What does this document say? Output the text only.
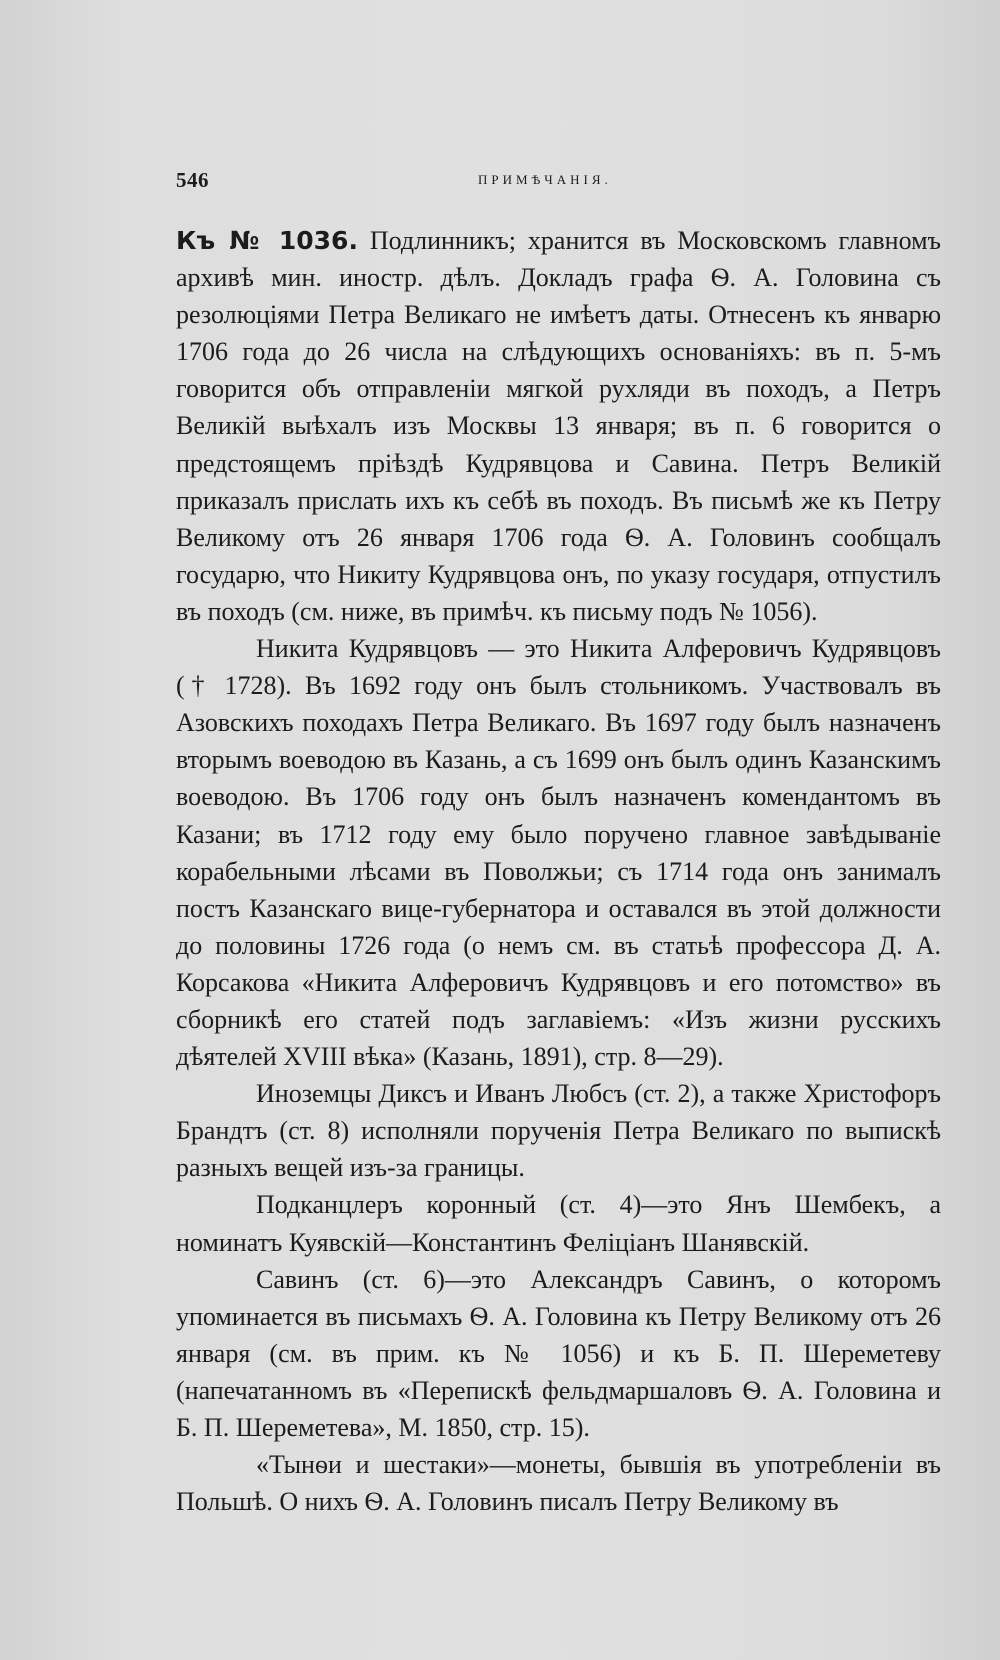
546	ПРИМѢЧАНІЯ.

Къ № 1036. Подлинникъ; хранится въ Московскомъ главномъ архивѣ мин. иностр. дѣлъ. Докладъ графа Ѳ. А. Головина съ резолюціями Петра Великаго не имѣетъ даты. Отнесенъ къ январю 1706 года до 26 числа на слѣдующихъ основаніяхъ: въ п. 5-мъ говорится объ отправленіи мягкой рухляди въ походъ, а Петръ Великій выѣхалъ изъ Москвы 13 января; въ п. 6 говорится о предстоящемъ пріѣздѣ Кудрявцова и Савина. Петръ Великій приказалъ прислать ихъ къ себѣ въ походъ. Въ письмѣ же къ Петру Великому отъ 26 января 1706 года Ѳ. А. Головинъ сообщалъ государю, что Никиту Кудрявцова онъ, по указу государя, отпустилъ въ походъ (см. ниже, въ примѣч. къ письму подъ № 1056).

Никита Кудрявцовъ — это Никита Алферовичъ Кудрявцовъ († 1728). Въ 1692 году онъ былъ стольникомъ. Участвовалъ въ Азовскихъ походахъ Петра Великаго. Въ 1697 году былъ назначенъ вторымъ воеводою въ Казань, а съ 1699 онъ былъ одинъ Казанскимъ воеводою. Въ 1706 году онъ былъ назначенъ комендантомъ въ Казани; въ 1712 году ему было поручено главное завѣдываніе корабельными лѣсами въ Поволжьи; съ 1714 года онъ занималъ постъ Казанскаго вице-губернатора и оставался въ этой должности до половины 1726 года (о немъ см. въ статьѣ профессора Д. А. Корсакова «Никита Алферовичъ Кудрявцовъ и его потомство» въ сборникѣ его статей подъ заглавіемъ: «Изъ жизни русскихъ дѣятелей XVIII вѣка» (Казань, 1891), стр. 8—29).

Иноземцы Диксъ и Иванъ Любсъ (ст. 2), а также Христофоръ Брандтъ (ст. 8) исполняли порученія Петра Великаго по выпискѣ разныхъ вещей изъ-за границы.

Подканцлеръ коронный (ст. 4)—это Янъ Шембекъ, а номинатъ Куявскій—Константинъ Феліціанъ Шанявскій.

Савинъ (ст. 6)—это Александръ Савинъ, о которомъ упоминается въ письмахъ Ѳ. А. Головина къ Петру Великому отъ 26 января (см. въ прим. къ № 1056) и къ Б. П. Шереметеву (напечатанномъ въ «Перепискѣ фельдмаршаловъ Ѳ. А. Головина и Б. П. Шереметева», М. 1850, стр. 15).

«Тынѳи и шестаки»—монеты, бывшія въ употребленіи въ Польшѣ. О нихъ Ѳ. А. Головинъ писалъ Петру Великому въ
